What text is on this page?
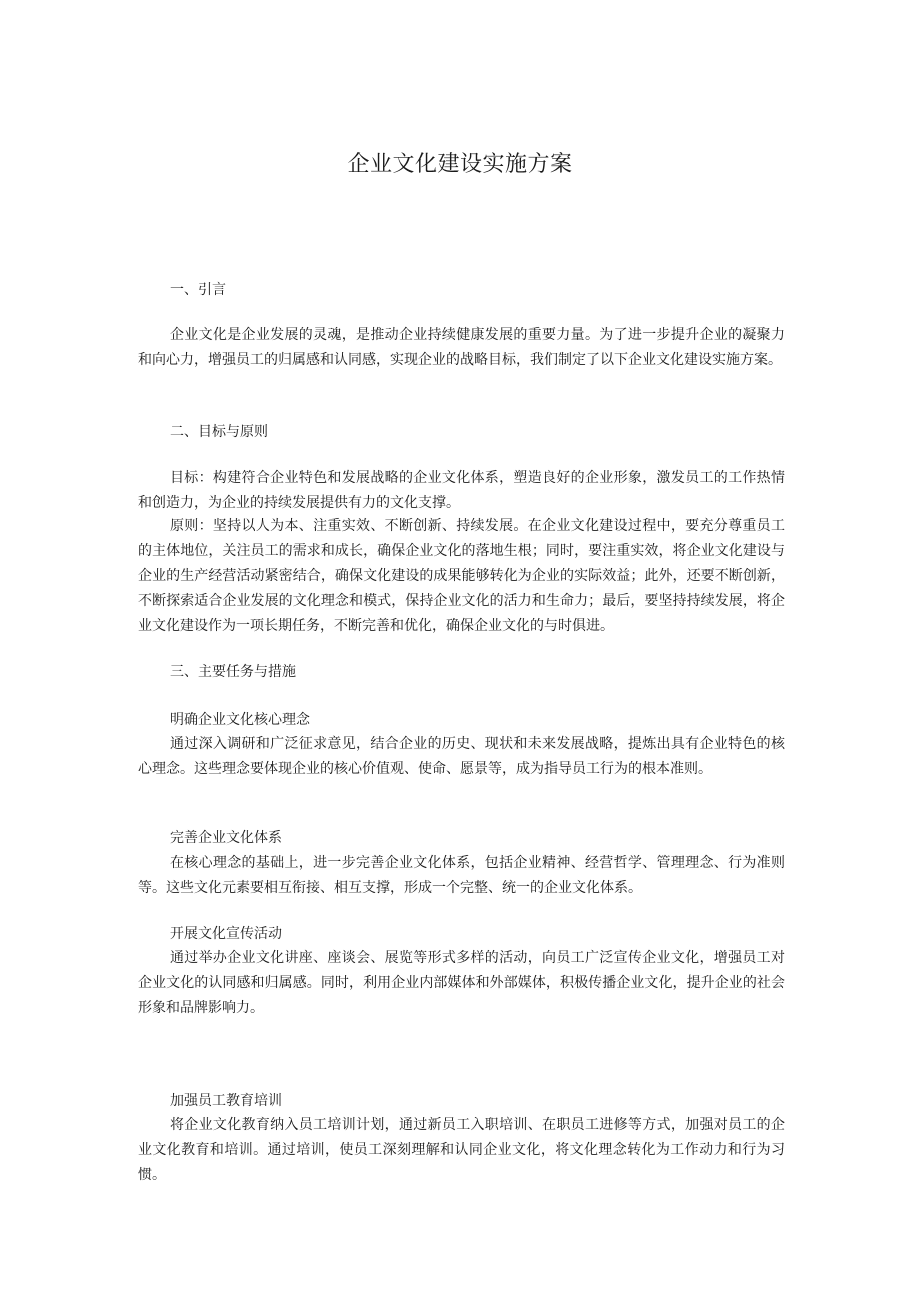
企业文化建设实施方案

一、引言

企业文化是企业发展的灵魂，是推动企业持续健康发展的重要力量。为了进一步提升企业的凝聚力和向心力，增强员工的归属感和认同感，实现企业的战略目标，我们制定了以下企业文化建设实施方案。

二、目标与原则

目标：构建符合企业特色和发展战略的企业文化体系，塑造良好的企业形象，激发员工的工作热情和创造力，为企业的持续发展提供有力的文化支撑。

原则：坚持以人为本、注重实效、不断创新、持续发展。在企业文化建设过程中，要充分尊重员工的主体地位，关注员工的需求和成长，确保企业文化的落地生根；同时，要注重实效，将企业文化建设与企业的生产经营活动紧密结合，确保文化建设的成果能够转化为企业的实际效益；此外，还要不断创新，不断探索适合企业发展的文化理念和模式，保持企业文化的活力和生命力；最后，要坚持持续发展，将企业文化建设作为一项长期任务，不断完善和优化，确保企业文化的与时俱进。

三、主要任务与措施

明确企业文化核心理念

通过深入调研和广泛征求意见，结合企业的历史、现状和未来发展战略，提炼出具有企业特色的核心理念。这些理念要体现企业的核心价值观、使命、愿景等，成为指导员工行为的根本准则。

完善企业文化体系

在核心理念的基础上，进一步完善企业文化体系，包括企业精神、经营哲学、管理理念、行为准则等。这些文化元素要相互衔接、相互支撑，形成一个完整、统一的企业文化体系。

开展文化宣传活动

通过举办企业文化讲座、座谈会、展览等形式多样的活动，向员工广泛宣传企业文化，增强员工对企业文化的认同感和归属感。同时，利用企业内部媒体和外部媒体，积极传播企业文化，提升企业的社会形象和品牌影响力。

加强员工教育培训

将企业文化教育纳入员工培训计划，通过新员工入职培训、在职员工进修等方式，加强对员工的企业文化教育和培训。通过培训，使员工深刻理解和认同企业文化，将文化理念转化为工作动力和行为习惯。
